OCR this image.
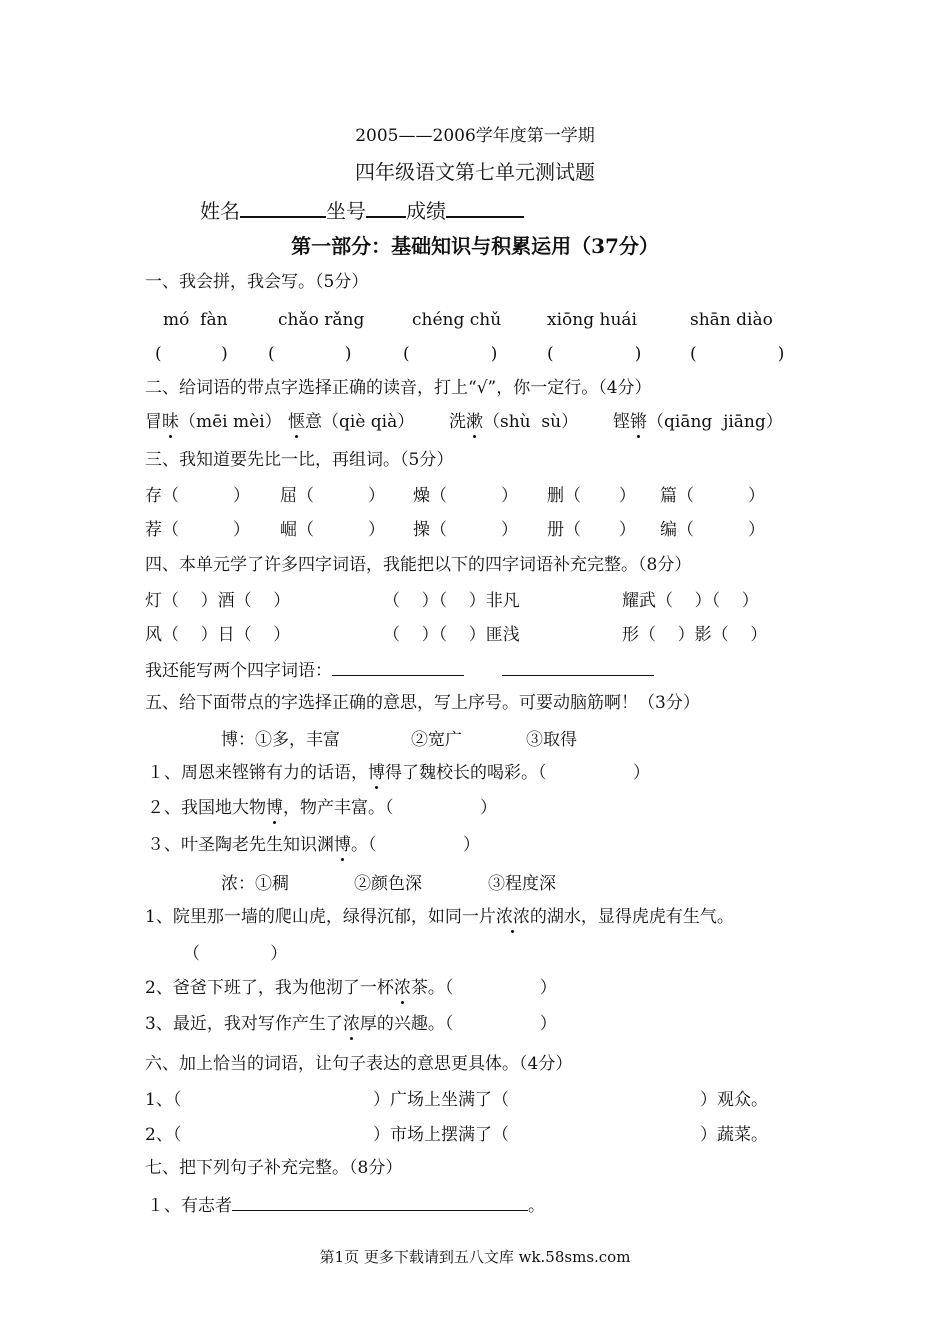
2005——2006学年度第一学期
四年级语文第七单元测试题
姓名	坐号 成绩
第一部分：基础知识与积累运用（37分）
一、我会拼，我会写。（5分）
mó  fàn	chǎo rǎng	chéng chǔ	xiōng huái	shān diào
(           ) (             )	(               )	(               )	(               )
二、给词语的带点字选择正确的读音，打上“√”，你一定行。（4分）
冒昧（mēi mèi） 惬意（qiè qià） 洗漱（shù  sù） 铿锵（qiāng  jiāng）
三、我知道要先比一比，再组词。（5分）
存（          ） 屈（          ） 燥（          ） 删（       ） 篇（          ）
荐（          ） 崛（          ） 操（          ） 册（       ） 编（          ）
四、本单元学了许多四字词语，我能把以下的四字词语补充完整。（8分）
灯（    ）酒（    ）	（    ）（    ）非凡	耀武（    ）（    ）
风（    ）日（    ）	（    ）（    ）匪浅	形（    ）影（    ）
我还能写两个四字词语：
五、给下面带点的字选择正确的意思，写上序号。可要动脑筋啊！（3分）
博：①多，丰富	②宽广	③取得
１、周恩来铿锵有力的话语，博得了魏校长的喝彩。（                ）
２、我国地大物博，物产丰富。（                ）
３、叶圣陶老先生知识渊博。（                ）
浓：①稠	②颜色深	③程度深
1、院里那一墙的爬山虎，绿得沉郁，如同一片浓浓的湖水，显得虎虎有生气。
（             ）
2、爸爸下班了，我为他沏了一杯浓茶。（                ）
3、最近，我对写作产生了浓厚的兴趣。（                ）
六、加上恰当的词语，让句子表达的意思更具体。（4分）
1、（	）广场上坐满了（	）观众。
2、（	）市场上摆满了（	）蔬菜。
七、把下列句子补充完整。（8分）
１、有志者	。
第1页 更多下载请到五八文库 wk.58sms.com
